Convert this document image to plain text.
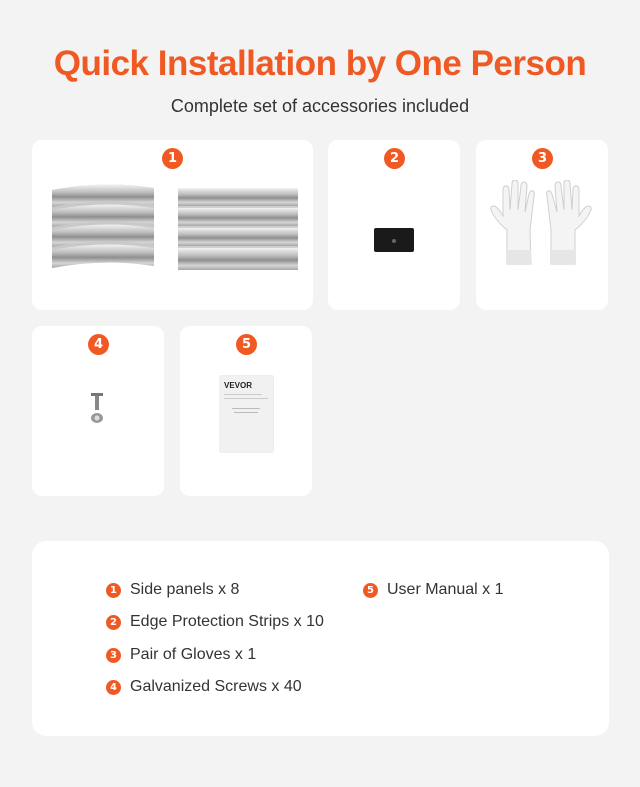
Quick Installation by One Person
Complete set of accessories included
1	2	3
4	5
VEVOR
1 Side panels x 8
2 Edge Protection Strips x 10
3 Pair of Gloves x 1
4 Galvanized Screws x 40
5 User Manual x 1
